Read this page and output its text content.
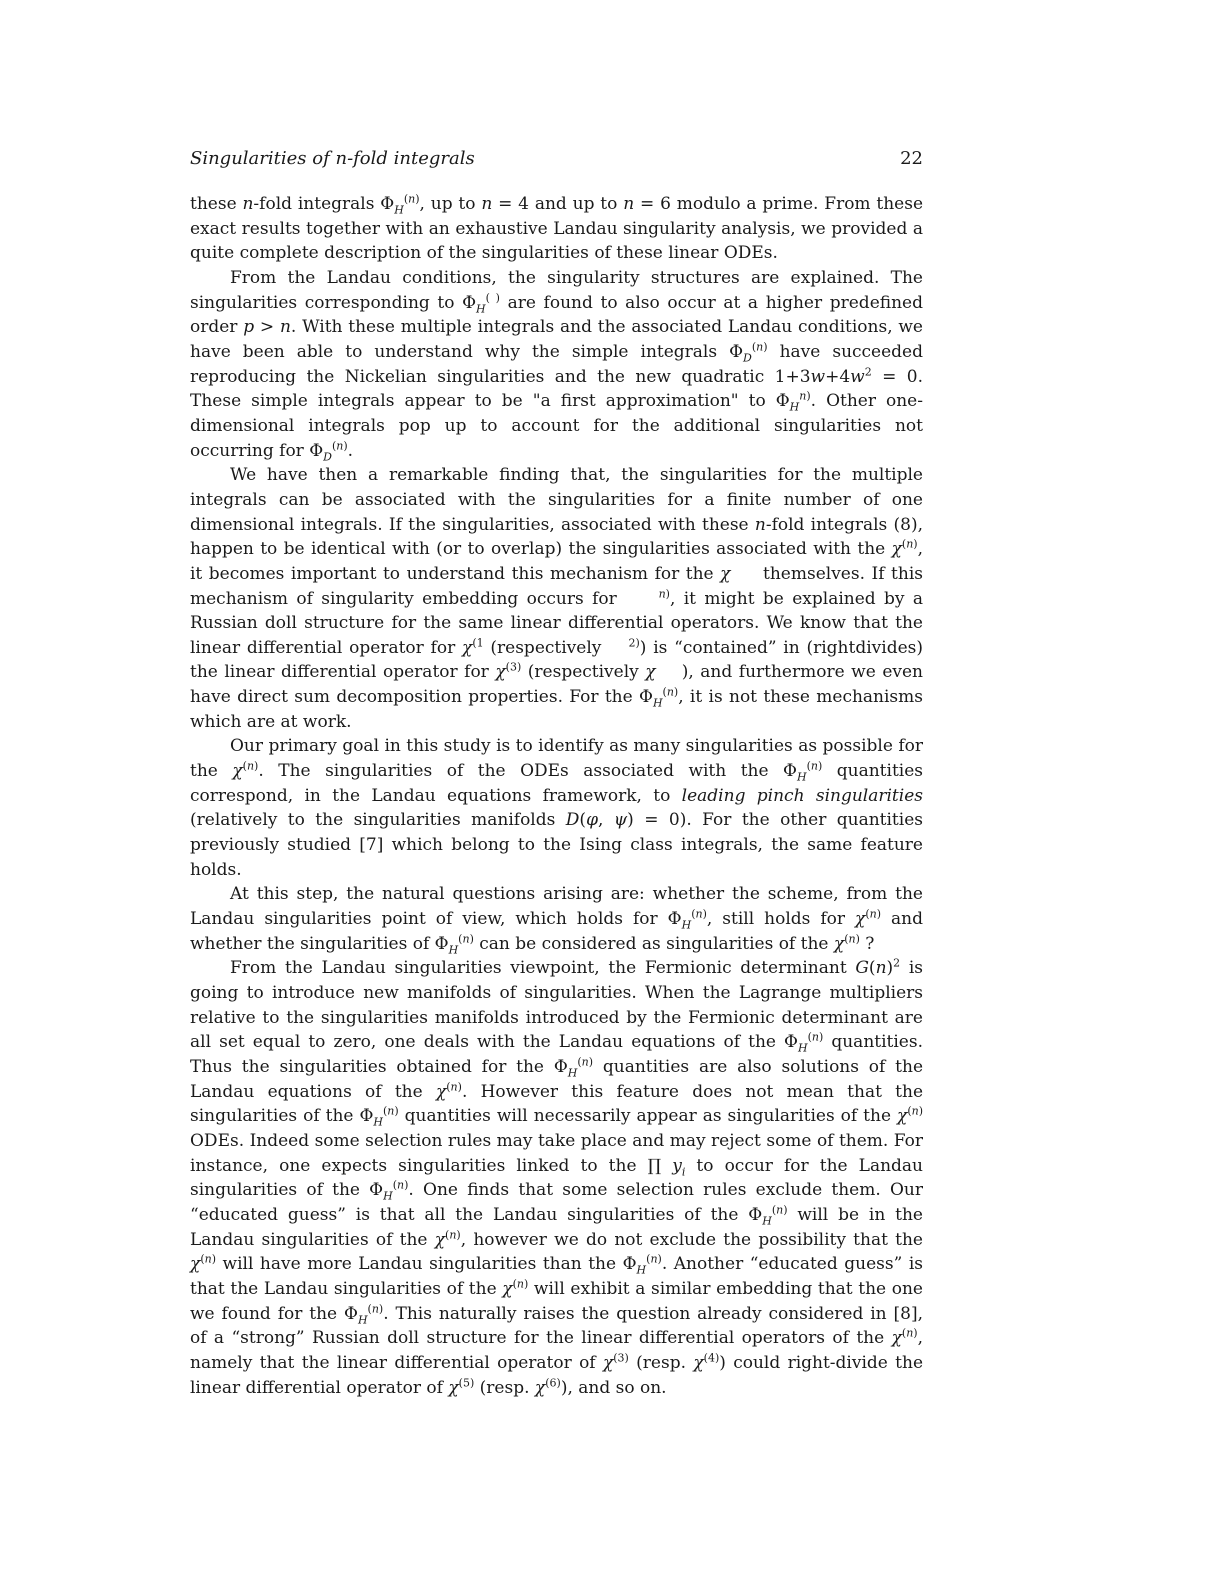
Singularities of n-fold integrals	22

these n-fold integrals $\Phi_H^{(n)}$, up to n = 4 and up to n = 6 modulo a prime. From these exact results together with an exhaustive Landau singularity analysis, we provided a quite complete description of the singularities of these linear ODEs.

From the Landau conditions, the singularity structures are explained. The singularities corresponding to $\Phi_H^{( )}$ are found to also occur at a higher predefined order p > n. With these multiple integrals and the associated Landau conditions, we have been able to understand why the simple integrals $\Phi_D^{(n)}$ have succeeded reproducing the Nickelian singularities and the new quadratic $1+3w+4w^2 = 0$. These simple integrals appear to be "a first approximation" to $\Phi_H^{n)}$. Other one-dimensional integrals pop up to account for the additional singularities not occurring for $\Phi_D^{(n)}$.

We have then a remarkable finding that, the singularities for the multiple integrals can be associated with the singularities for a finite number of one dimensional integrals. If the singularities, associated with these n-fold integrals (8), happen to be identical with (or to overlap) the singularities associated with the $\chi^{(n)}$, it becomes important to understand this mechanism for the χ     themselves. If this mechanism of singularity embedding occurs for     $^{n)}$, it might be explained by a Russian doll structure for the same linear differential operators. We know that the linear differential operator for $\chi^{(1}$ (respectively    $^{2)}$) is “contained” in (rightdivides) the linear differential operator for $\chi^{(3)}$ (respectively χ    ), and furthermore we even have direct sum decomposition properties. For the $\Phi_H^{(n)}$, it is not these mechanisms which are at work.

Our primary goal in this study is to identify as many singularities as possible for the $\chi^{(n)}$. The singularities of the ODEs associated with the $\Phi_H^{(n)}$ quantities correspond, in the Landau equations framework, to leading pinch singularities (relatively to the singularities manifolds D(φ, ψ) = 0). For the other quantities previously studied [7] which belong to the Ising class integrals, the same feature holds.

At this step, the natural questions arising are: whether the scheme, from the Landau singularities point of view, which holds for $\Phi_H^{(n)}$, still holds for $\chi^{(n)}$ and whether the singularities of $\Phi_H^{(n)}$ can be considered as singularities of the $\chi^{(n)}$ ?

From the Landau singularities viewpoint, the Fermionic determinant $G(n)^2$ is going to introduce new manifolds of singularities. When the Lagrange multipliers relative to the singularities manifolds introduced by the Fermionic determinant are all set equal to zero, one deals with the Landau equations of the $\Phi_H^{(n)}$ quantities. Thus the singularities obtained for the $\Phi_H^{(n)}$ quantities are also solutions of the Landau equations of the $\chi^{(n)}$. However this feature does not mean that the singularities of the $\Phi_H^{(n)}$ quantities will necessarily appear as singularities of the $\chi^{(n)}$ ODEs. Indeed some selection rules may take place and may reject some of them. For instance, one expects singularities linked to the ∏ $y_i$ to occur for the Landau singularities of the $\Phi_H^{(n)}$. One finds that some selection rules exclude them. Our “educated guess” is that all the Landau singularities of the $\Phi_H^{(n)}$ will be in the Landau singularities of the $\chi^{(n)}$, however we do not exclude the possibility that the $\chi^{(n)}$ will have more Landau singularities than the $\Phi_H^{(n)}$. Another “educated guess” is that the Landau singularities of the $\chi^{(n)}$ will exhibit a similar embedding that the one we found for the $\Phi_H^{(n)}$. This naturally raises the question already considered in [8], of a “strong” Russian doll structure for the linear differential operators of the $\chi^{(n)}$, namely that the linear differential operator of $\chi^{(3)}$ (resp. $\chi^{(4)}$) could right-divide the linear differential operator of $\chi^{(5)}$ (resp. $\chi^{(6)}$), and so on.
